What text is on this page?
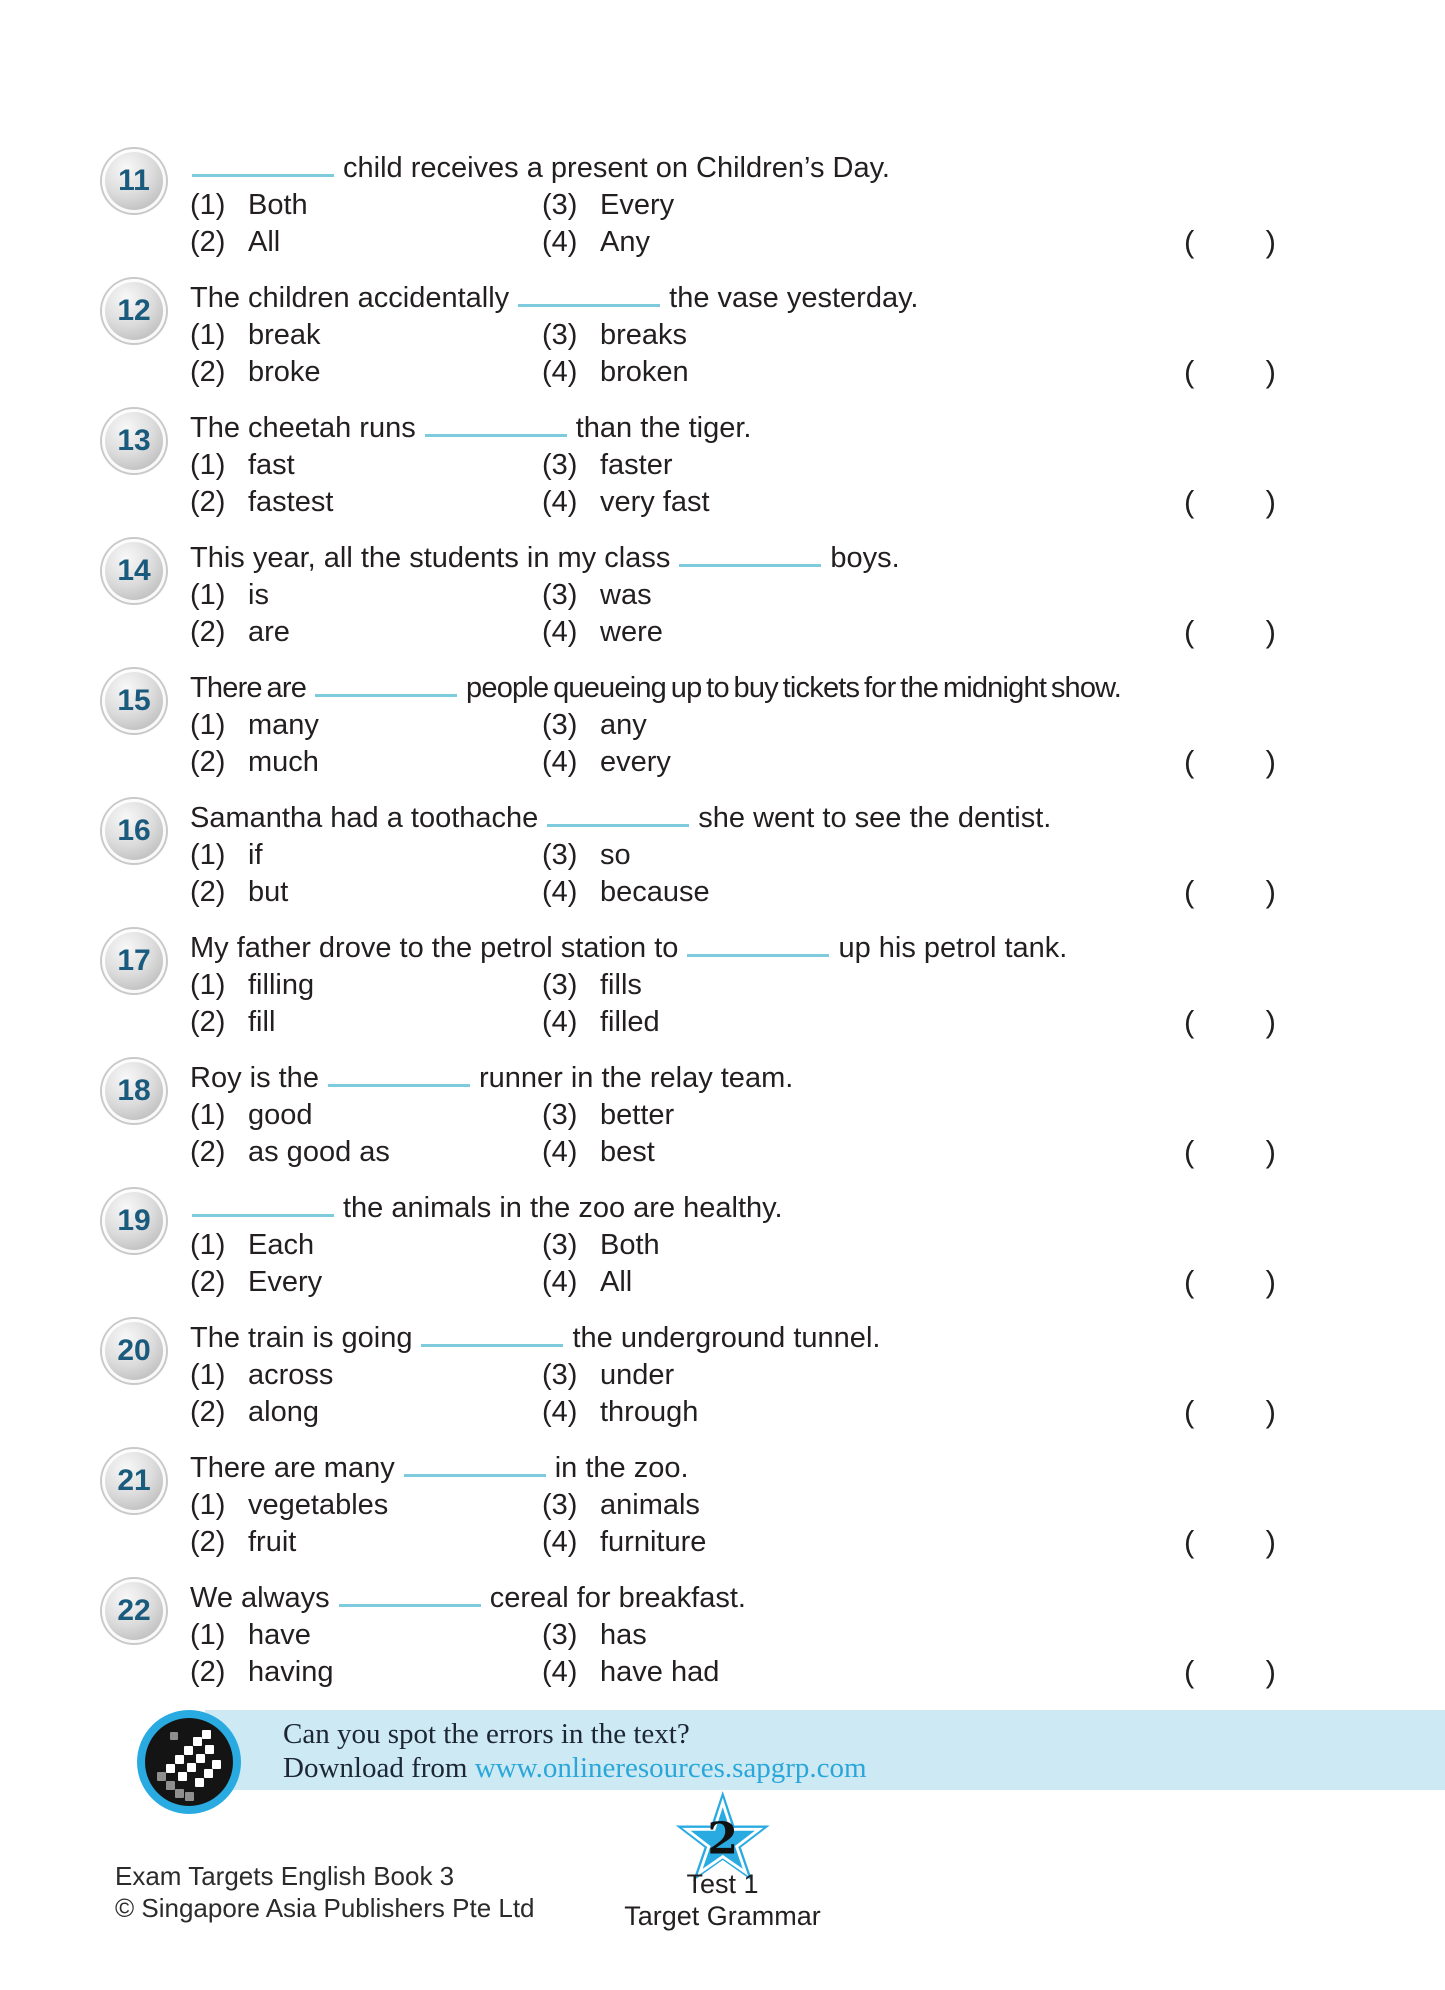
11	child receives a present on Children’s Day.
(1) Both	(3) Every
(2) All	(4) Any	( )
12 The children accidentally	the vase yesterday.
(1) break	(3) breaks
(2) broke	(4) broken	( )
13 The cheetah runs	than the tiger.
(1) fast	(3) faster
(2) fastest	(4) very fast	( )
14 This year, all the students in my class	boys.
(1) is	(3) was
(2) are	(4) were	( )
15 There are	people queueing up to buy tickets for the midnight show.
(1) many	(3) any
(2) much	(4) every	( )
16 Samantha had a toothache	she went to see the dentist.
(1) if	(3) so
(2) but	(4) because	( )
17 My father drove to the petrol station to	up his petrol tank.
(1) filling	(3) fills
(2) fill	(4) filled	( )
18 Roy is the	runner in the relay team.
(1) good	(3) better
(2) as good as	(4) best	( )
19	the animals in the zoo are healthy.
(1) Each	(3) Both
(2) Every	(4) All	( )
20 The train is going	the underground tunnel.
(1) across	(3) under
(2) along	(4) through	( )
21 There are many	in the zoo.
(1) vegetables	(3) animals
(2) fruit	(4) furniture	( )
22 We always	cereal for breakfast.
(1) have	(3) has
(2) having	(4) have had	( )
Can you spot the errors in the text?
Download from www.onlineresources.sapgrp.com
Exam Targets English Book 3
© Singapore Asia Publishers Pte Ltd
2
Test 1
Target Grammar
